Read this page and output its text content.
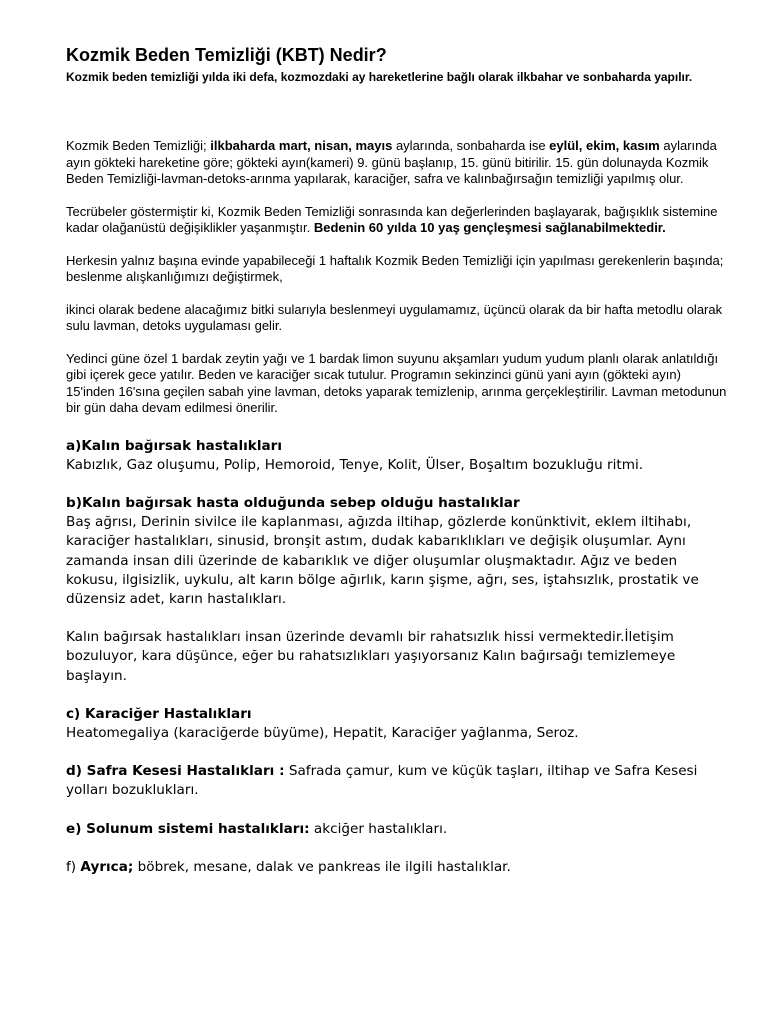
Kozmik Beden Temizliği (KBT) Nedir?
Kozmik beden temizliği yılda iki defa, kozmozdaki ay hareketlerine bağlı olarak ilkbahar ve sonbaharda yapılır.

Kozmik Beden Temizliği; ilkbaharda mart, nisan, mayıs aylarında, sonbaharda ise eylül, ekim, kasım aylarında ayın gökteki hareketine göre; gökteki ayın(kameri) 9. günü başlanıp, 15. günü bitirilir. 15. gün dolunayda Kozmik Beden Temizliği-lavman-detoks-arınma yapılarak, karaciğer, safra ve kalınbağırsağın temizliği yapılmış olur.

Tecrübeler göstermiştir ki, Kozmik Beden Temizliği sonrasında kan değerlerinden başlayarak, bağışıklık sistemine kadar olağanüstü değişiklikler yaşanmıştır. Bedenin 60 yılda 10 yaş gençleşmesi sağlanabilmektedir.

Herkesin yalnız başına evinde yapabileceği 1 haftalık Kozmik Beden Temizliği için yapılması gerekenlerin başında; beslenme alışkanlığımızı değiştirmek,

ikinci olarak bedene alacağımız bitki sularıyla beslenmeyi uygulamamız, üçüncü olarak da bir hafta metodlu olarak sulu lavman, detoks uygulaması gelir.

Yedinci güne özel 1 bardak zeytin yağı ve 1 bardak limon suyunu akşamları yudum yudum planlı olarak anlatıldığı gibi içerek gece yatılır. Beden ve karaciğer sıcak tutulur. Programın sekinzinci günü yani ayın (gökteki ayın) 15'inden 16'sına geçilen sabah yine lavman, detoks yaparak temizlenip, arınma gerçekleştirilir. Lavman metodunun bir gün daha devam edilmesi önerilir.

a)Kalın bağırsak hastalıkları
Kabızlık, Gaz oluşumu, Polip, Hemoroid, Tenye, Kolit, Ülser, Boşaltım bozukluğu ritmi.

b)Kalın bağırsak hasta olduğunda sebep olduğu hastalıklar
Baş ağrısı, Derinin sivilce ile kaplanması, ağızda iltihap, gözlerde konünktivit, eklem iltihabı, karaciğer hastalıkları, sinusid, bronşit astım, dudak kabarıklıkları ve değişik oluşumlar. Aynı zamanda insan dili üzerinde de kabarıklık ve diğer oluşumlar oluşmaktadır. Ağız ve beden kokusu, ilgisizlik, uykulu, alt karın bölge ağırlık, karın şişme, ağrı, ses, iştahsızlık, prostatik ve düzensiz adet, karın hastalıkları.

Kalın bağırsak hastalıkları insan üzerinde devamlı bir rahatsızlık hissi vermektedir.İletişim bozuluyor, kara düşünce, eğer bu rahatsızlıkları yaşıyorsanız Kalın bağırsağı temizlemeye başlayın.

c) Karaciğer Hastalıkları
Heatomegaliya (karaciğerde büyüme), Hepatit, Karaciğer yağlanma, Seroz.

d) Safra Kesesi Hastalıkları : Safrada çamur, kum ve küçük taşları, iltihap ve Safra Kesesi yolları bozuklukları.

e) Solunum sistemi hastalıkları: akciğer hastalıkları.

f) Ayrıca; böbrek, mesane, dalak ve pankreas ile ilgili hastalıklar.
